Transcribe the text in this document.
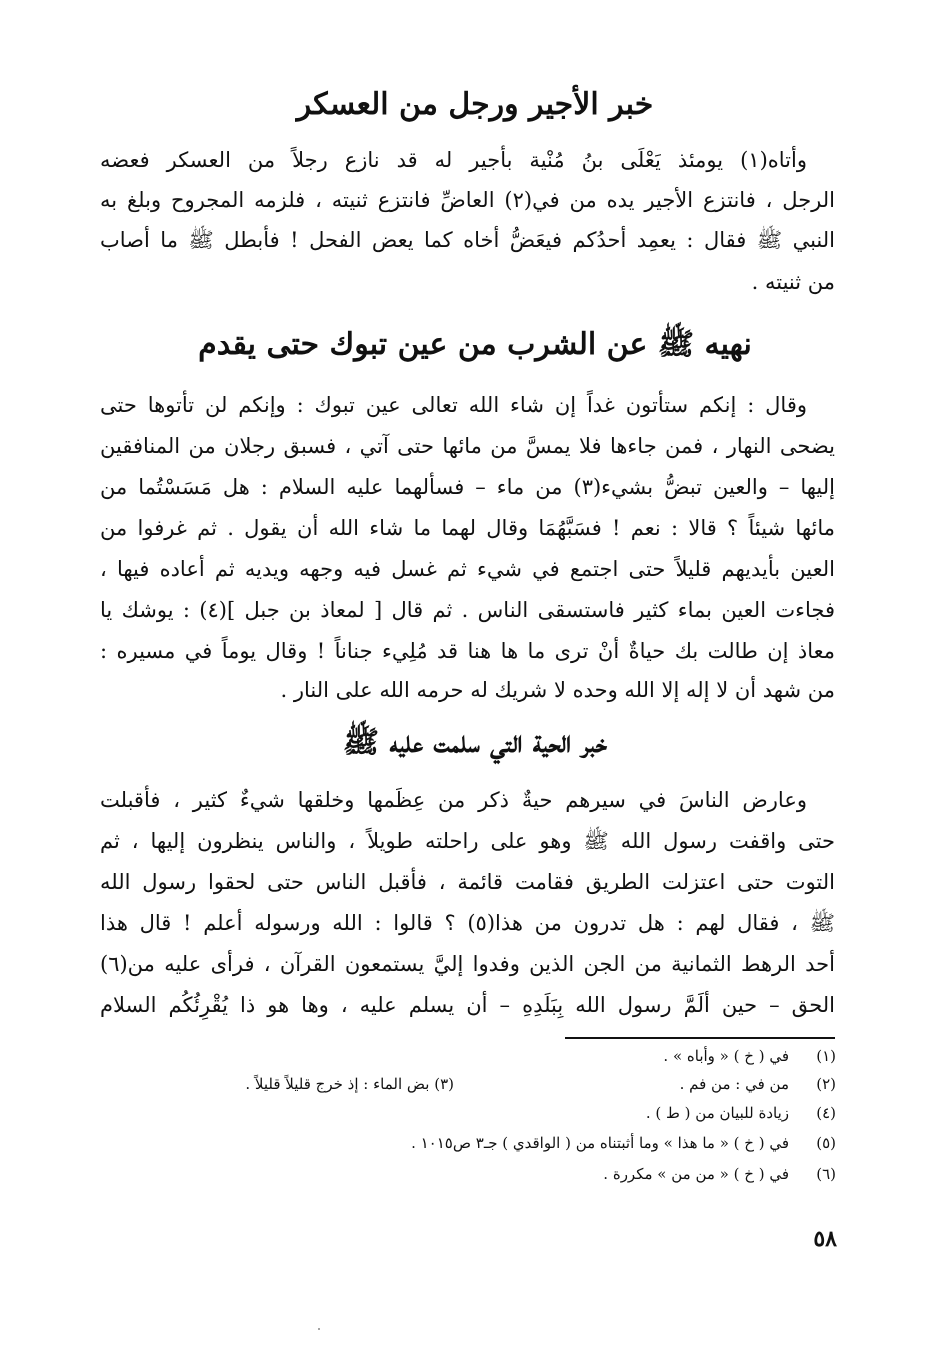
خبر الأجير ورجل من العسكر
وأتاه(١) يومئذ يَعْلَى بنُ مُنْية بأجير له قد نازع رجلاً من العسكر فعضه
الرجل ، فانتزع الأجير يده من في(٢) العاضِّ فانتزع ثنيته ، فلزمه المجروح وبلغ به
النبي ﷺ فقال : يعمِد أحدُكم فيعَضُّ أخاه كما يعض الفحل ! فأبطل ﷺ ما أصاب
من ثنيته .
نهيه ﷺ عن الشرب من عين تبوك حتى يقدم
وقال : إنكم ستأتون غداً إن شاء الله تعالى عين تبوك : وإنكم لن تأتوها حتى
يضحى النهار ، فمن جاءها فلا يمسَّ من مائها حتى آتي ، فسبق رجلان من المنافقين
إليها – والعين تبضُّ بشيء(٣) من ماء – فسألهما عليه السلام : هل مَسَسْتُما من
مائها شيئاً ؟ قالا : نعم ! فسَبَّهُمَا وقال لهما ما شاء الله أن يقول . ثم غرفوا من
العين بأيديهم قليلاً حتى اجتمع في شيء ثم غسل فيه وجهه ويديه ثم أعاده فيها ،
فجاءت العين بماء كثير فاستسقى الناس . ثم قال [ لمعاذ بن جبل ](٤) : يوشك يا
معاذ إن طالت بك حياةٌ أنْ ترى ما ها هنا قد مُلِيء جناناً ! وقال يوماً في مسيره :
من شهد أن لا إله إلا الله وحده لا شريك له حرمه الله على النار .
خبر الحية التي سلمت عليه ﷺ
وعارض الناسَ في سيرهم حيةٌ ذكر من عِظَمها وخلقها شيءٌ كثير ، فأقبلت
حتى واقفت رسول الله ﷺ وهو على راحلته طويلاً ، والناس ينظرون إليها ، ثم
التوت حتى اعتزلت الطريق فقامت قائمة ، فأقبل الناس حتى لحقوا رسول الله
ﷺ ، فقال لهم : هل تدرون من هذا(٥) ؟ قالوا : الله ورسوله أعلم ! قال هذا
أحد الرهط الثمانية من الجن الذين وفدوا إليَّ يستمعون القرآن ، فرأى عليه من(٦)
الحق – حين ألَمَّ رسول الله بِبَلَدِهِ – أن يسلم عليه ، وها هو ذا يُقْرِئُكُم السلام
(١)
في ( خ ) « وأباه » .
(٢)
من في : من فم .
(٣) بض الماء : إذ خرج قليلاً قليلاً .
(٤)
زيادة للبيان من ( ط ) .
(٥)
في ( خ ) « ما هذا » وما أثبتناه من ( الواقدي ) جـ٣ ص١٠١٥ .
(٦)
في ( خ ) « من من » مكررة .
٥٨
